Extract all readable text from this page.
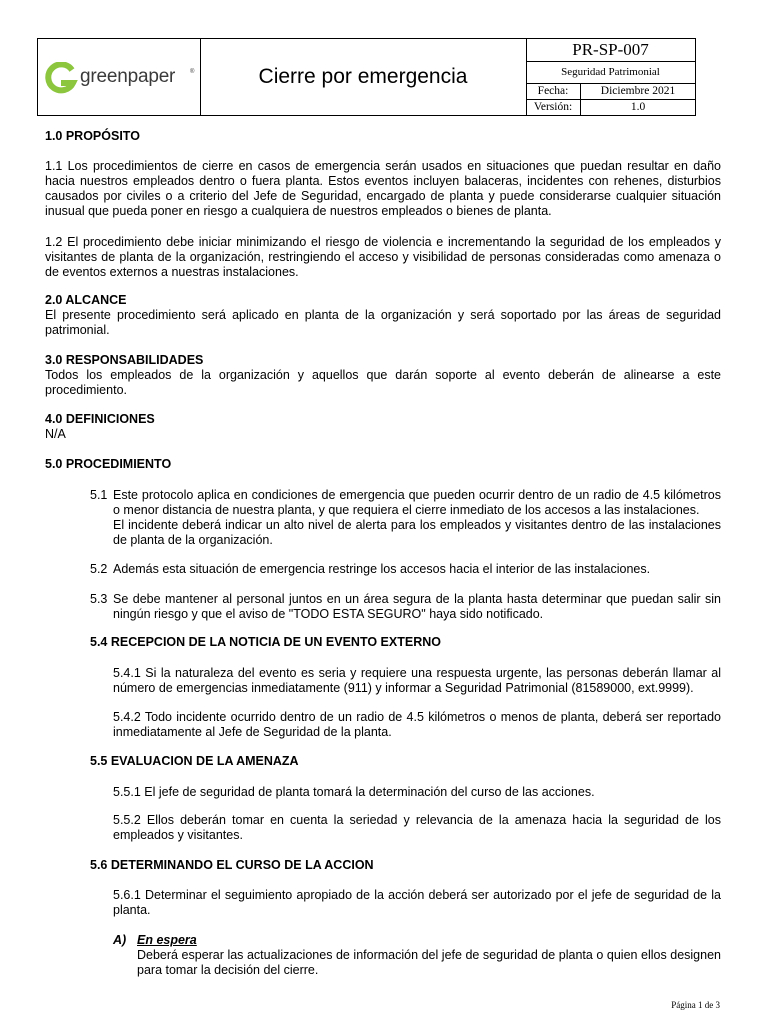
greenpaper ®	Cierre por emergencia
PR-SP-007
Seguridad Patrimonial
Fecha:	Diciembre 2021
Versión:	1.0
1.0 PROPÓSITO

1.1 Los procedimientos de cierre en casos de emergencia serán usados en situaciones que puedan resultar en daño hacia nuestros empleados dentro o fuera planta. Estos eventos incluyen balaceras, incidentes con rehenes, disturbios causados por civiles o a criterio del Jefe de Seguridad, encargado de planta y puede considerarse cualquier situación inusual que pueda poner en riesgo a cualquiera de nuestros empleados o bienes de planta.

1.2 El procedimiento debe iniciar minimizando el riesgo de violencia e incrementando la seguridad de los empleados y visitantes de planta de la organización, restringiendo el acceso y visibilidad de personas consideradas como amenaza o de eventos externos a nuestras instalaciones.

2.0 ALCANCE

El presente procedimiento será aplicado en planta de la organización y será soportado por las áreas de seguridad patrimonial.

3.0 RESPONSABILIDADES

Todos los empleados de la organización y aquellos que darán soporte al evento deberán de alinearse a este procedimiento.

4.0 DEFINICIONES

N/A

5.0 PROCEDIMIENTO
5.1 Este protocolo aplica en condiciones de emergencia que pueden ocurrir dentro de un radio de 4.5 kilómetros o menor distancia de nuestra planta, y que requiera el cierre inmediato de los accesos a las instalaciones.

El incidente deberá indicar un alto nivel de alerta para los empleados y visitantes dentro de las instalaciones de planta de la organización.

5.2 Además esta situación de emergencia restringe los accesos hacia el interior de las instalaciones.

5.3 Se debe mantener al personal juntos en un área segura de la planta hasta determinar que puedan salir sin ningún riesgo y que el aviso de "TODO ESTA SEGURO" haya sido notificado.

5.4 RECEPCION DE LA NOTICIA DE UN EVENTO EXTERNO

5.4.1 Si la naturaleza del evento es seria y requiere una respuesta urgente, las personas deberán llamar al número de emergencias inmediatamente (911) y informar a Seguridad Patrimonial (81589000, ext.9999).

5.4.2 Todo incidente ocurrido dentro de un radio de 4.5 kilómetros o menos de planta, deberá ser reportado inmediatamente al Jefe de Seguridad de la planta.

5.5 EVALUACION DE LA AMENAZA

5.5.1 El jefe de seguridad de planta tomará la determinación del curso de las acciones.

5.5.2 Ellos deberán tomar en cuenta la seriedad y relevancia de la amenaza hacia la seguridad de los empleados y visitantes.

5.6 DETERMINANDO EL CURSO DE LA ACCION

5.6.1 Determinar el seguimiento apropiado de la acción deberá ser autorizado por el jefe de seguridad de la planta.

A) En espera

Deberá esperar las actualizaciones de información del jefe de seguridad de planta o quien ellos designen para tomar la decisión del cierre.

Página 1 de 3
